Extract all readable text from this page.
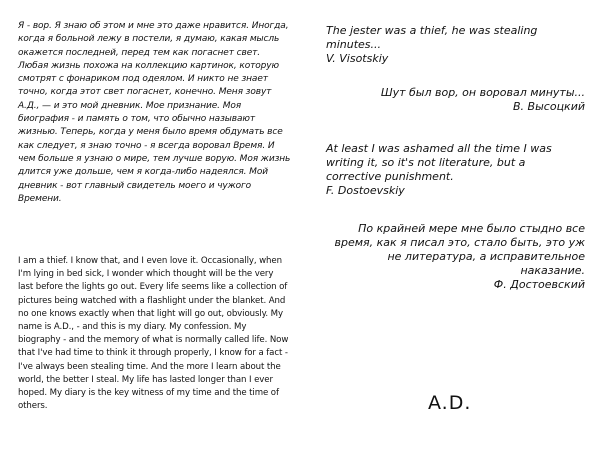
Я - вор. Я знаю об этом и мне это даже нравится. Иногда, когда я больной лежу в постели, я думаю, какая мысль окажется последней, перед тем как погаснет свет. Любая жизнь похожа на коллекцию картинок, которую смотрят с фонариком под одеялом. И никто не знает точно, когда этот свет погаснет, конечно. Меня зовут А.Д., — и это мой дневник. Мое признание. Моя биография - и память о том, что обычно называют жизнью. Теперь, когда у меня было время обдумать все как следует, я знаю точно - я всегда воровал Время. И чем больше я узнаю о мире, тем лучше ворую. Моя жизнь длится уже дольше, чем я когда-либо надеялся. Мой дневник - вот главный свидетель моего и чужого Времени.

I am a thief. I know that, and I even love it. Occasionally, when I'm lying in bed sick, I wonder which thought will be the very last before the lights go out. Every life seems like a collection of pictures being watched with a flashlight under the blanket. And no one knows exactly when that light will go out, obviously. My name is A.D., - and this is my diary. My confession. My biography - and the memory of what is normally called life. Now that I've had time to think it through properly, I know for a fact - I've always been stealing time. And the more I learn about the world, the better I steal. My life has lasted longer than I ever hoped. My diary is the key witness of my time and the time of others.

The jester was a thief, he was stealing minutes...
V. Visotskiy
Шут был вор, он воровал минуты...
В. Высоцкий
At least I was ashamed all the time I was writing it, so it's not literature, but a corrective punishment.
F. Dostoevskiy
По крайней мере мне было стыдно все время, как я писал это, стало быть, это уж не литература, а исправительное наказание.
Ф. Достоевский
A.D.
